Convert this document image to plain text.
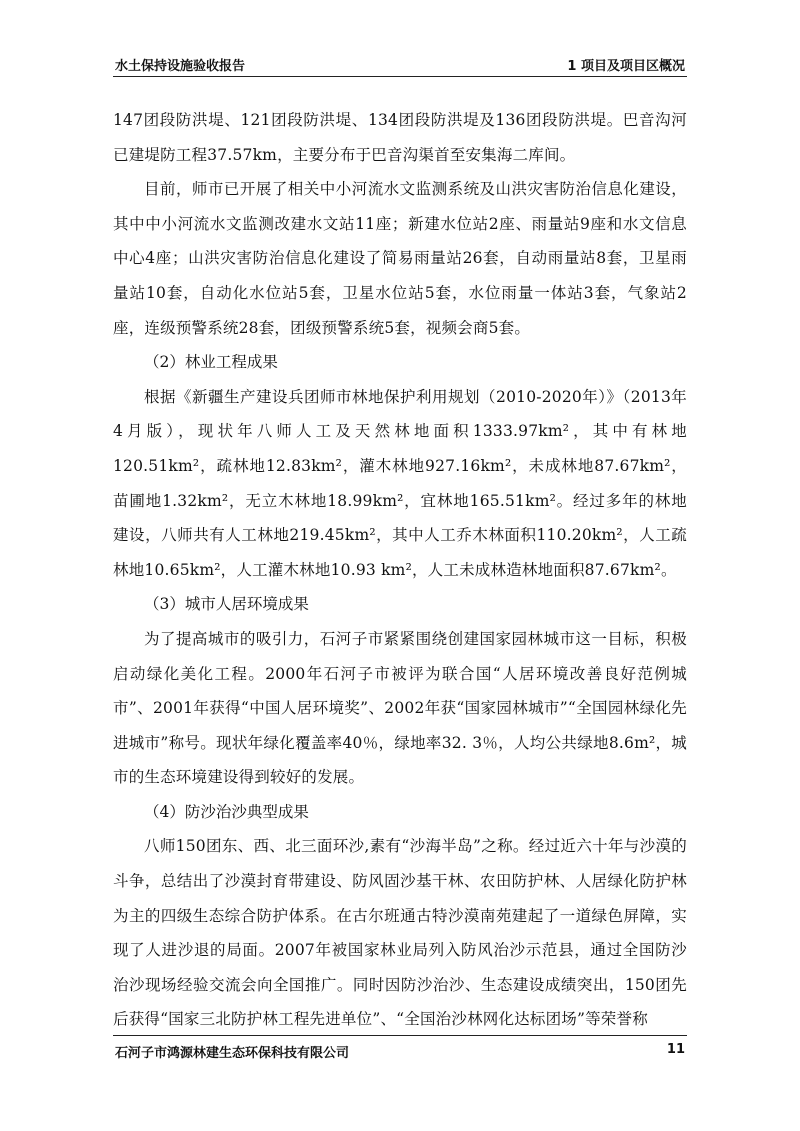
水土保持设施验收报告	1 项目及项目区概况

147团段防洪堤、121团段防洪堤、134团段防洪堤及136团段防洪堤。巴音沟河已建堤防工程37.57km，主要分布于巴音沟渠首至安集海二库间。

目前，师市已开展了相关中小河流水文监测系统及山洪灾害防治信息化建设，其中中小河流水文监测改建水文站11座；新建水位站2座、雨量站9座和水文信息中心4座；山洪灾害防治信息化建设了简易雨量站26套，自动雨量站8套，卫星雨量站10套，自动化水位站5套，卫星水位站5套，水位雨量一体站3套，气象站2座，连级预警系统28套，团级预警系统5套，视频会商5套。

（2）林业工程成果

根据《新疆生产建设兵团师市林地保护利用规划（2010-2020年）》（2013年4月版），现状年八师人工及天然林地面积1333.97km²，其中有林地120.51km²，疏林地12.83km²，灌木林地927.16km²，未成林地87.67km²，苗圃地1.32km²，无立木林地18.99km²，宜林地165.51km²。经过多年的林地建设，八师共有人工林地219.45km²，其中人工乔木林面积110.20km²，人工疏林地10.65km²，人工灌木林地10.93 km²，人工未成林造林地面积87.67km²。

（3）城市人居环境成果

为了提高城市的吸引力，石河子市紧紧围绕创建国家园林城市这一目标，积极启动绿化美化工程。2000年石河子市被评为联合国“人居环境改善良好范例城市”、2001年获得“中国人居环境奖”、2002年获“国家园林城市”“全国园林绿化先进城市”称号。现状年绿化覆盖率40％，绿地率32. 3％，人均公共绿地8.6m²，城市的生态环境建设得到较好的发展。

（4）防沙治沙典型成果

八师150团东、西、北三面环沙,素有“沙海半岛”之称。经过近六十年与沙漠的斗争，总结出了沙漠封育带建设、防风固沙基干林、农田防护林、人居绿化防护林为主的四级生态综合防护体系。在古尔班通古特沙漠南苑建起了一道绿色屏障，实现了人进沙退的局面。2007年被国家林业局列入防风治沙示范县，通过全国防沙治沙现场经验交流会向全国推广。同时因防沙治沙、生态建设成绩突出，150团先后获得“国家三北防护林工程先进单位”、“全国治沙林网化达标团场”等荣誉称

石河子市鸿源林建生态环保科技有限公司	11
